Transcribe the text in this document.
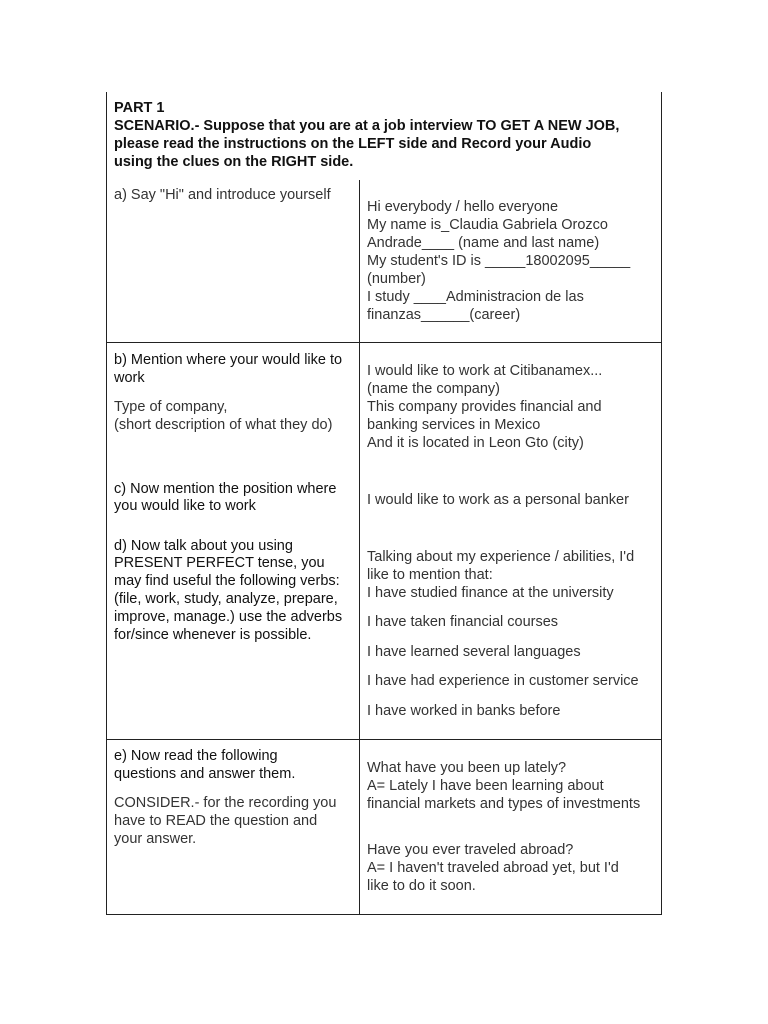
PART 1
SCENARIO.- Suppose that you are at a job interview TO GET A NEW JOB,
please read the instructions on the LEFT side and Record your Audio
using the clues on the RIGHT side.
a) Say "Hi" and introduce yourself
Hi everybody / hello everyone
My name is_Claudia Gabriela Orozco
Andrade____ (name and last name)
My student's ID is _____18002095_____
(number)
I study ____Administracion de las
finanzas______(career)
b) Mention where your would like to
work
Type of company,
(short description of what they do)
I would like to work at Citibanamex...
(name the company)
This company provides financial and
banking services in Mexico
And it is located in Leon Gto (city)
c) Now mention the position where
you would like to work	I would like to work as a personal banker
d) Now talk about you using
PRESENT PERFECT tense, you
may find useful the following verbs:
(file, work, study, analyze, prepare,
improve, manage.) use the adverbs
for/since whenever is possible.
Talking about my experience / abilities, I'd
like to mention that:
I have studied finance at the university
I have taken financial courses
I have learned several languages
I have had experience in customer service
I have worked in banks before
e) Now read the following
questions and answer them.
CONSIDER.- for the recording you
have to READ the question and
your answer.
What have you been up lately?
A= Lately I have been learning about
financial markets and types of investments
Have you ever traveled abroad?
A= I haven't traveled abroad yet, but I'd
like to do it soon.
